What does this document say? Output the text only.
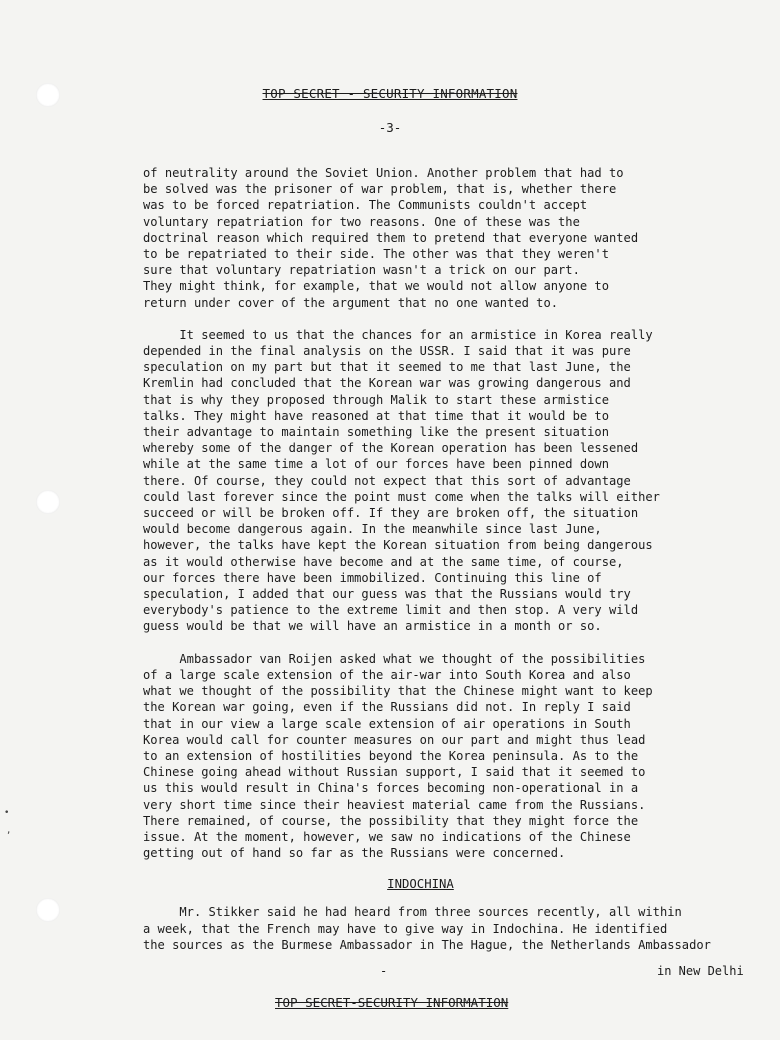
TOP SECRET - SECURITY INFORMATION
-3-

of neutrality around the Soviet Union. Another problem that had to
be solved was the prisoner of war problem, that is, whether there
was to be forced repatriation. The Communists couldn't accept
voluntary repatriation for two reasons. One of these was the
doctrinal reason which required them to pretend that everyone wanted
to be repatriated to their side. The other was that they weren't
sure that voluntary repatriation wasn't a trick on our part.
They might think, for example, that we would not allow anyone to
return under cover of the argument that no one wanted to.

It seemed to us that the chances for an armistice in Korea really
depended in the final analysis on the USSR. I said that it was pure
speculation on my part but that it seemed to me that last June, the
Kremlin had concluded that the Korean war was growing dangerous and
that is why they proposed through Malik to start these armistice
talks. They might have reasoned at that time that it would be to
their advantage to maintain something like the present situation
whereby some of the danger of the Korean operation has been lessened
while at the same time a lot of our forces have been pinned down
there. Of course, they could not expect that this sort of advantage
could last forever since the point must come when the talks will either
succeed or will be broken off. If they are broken off, the situation
would become dangerous again. In the meanwhile since last June,
however, the talks have kept the Korean situation from being dangerous
as it would otherwise have become and at the same time, of course,
our forces there have been immobilized. Continuing this line of
speculation, I added that our guess was that the Russians would try
everybody's patience to the extreme limit and then stop. A very wild
guess would be that we will have an armistice in a month or so.

Ambassador van Roijen asked what we thought of the possibilities
of a large scale extension of the air-war into South Korea and also
what we thought of the possibility that the Chinese might want to keep
the Korean war going, even if the Russians did not. In reply I said
that in our view a large scale extension of air operations in South
Korea would call for counter measures on our part and might thus lead
to an extension of hostilities beyond the Korea peninsula. As to the
Chinese going ahead without Russian support, I said that it seemed to
us this would result in China's forces becoming non-operational in a
very short time since their heaviest material came from the Russians.
There remained, of course, the possibility that they might force the
issue. At the moment, however, we saw no indications of the Chinese
getting out of hand so far as the Russians were concerned.

INDOCHINA

Mr. Stikker said he had heard from three sources recently, all within
a week, that the French may have to give way in Indochina. He identified
the sources as the Burmese Ambassador in The Hague, the Netherlands Ambassador

-	in New Delhi
TOP SECRET-SECURITY INFORMATION
•
,
